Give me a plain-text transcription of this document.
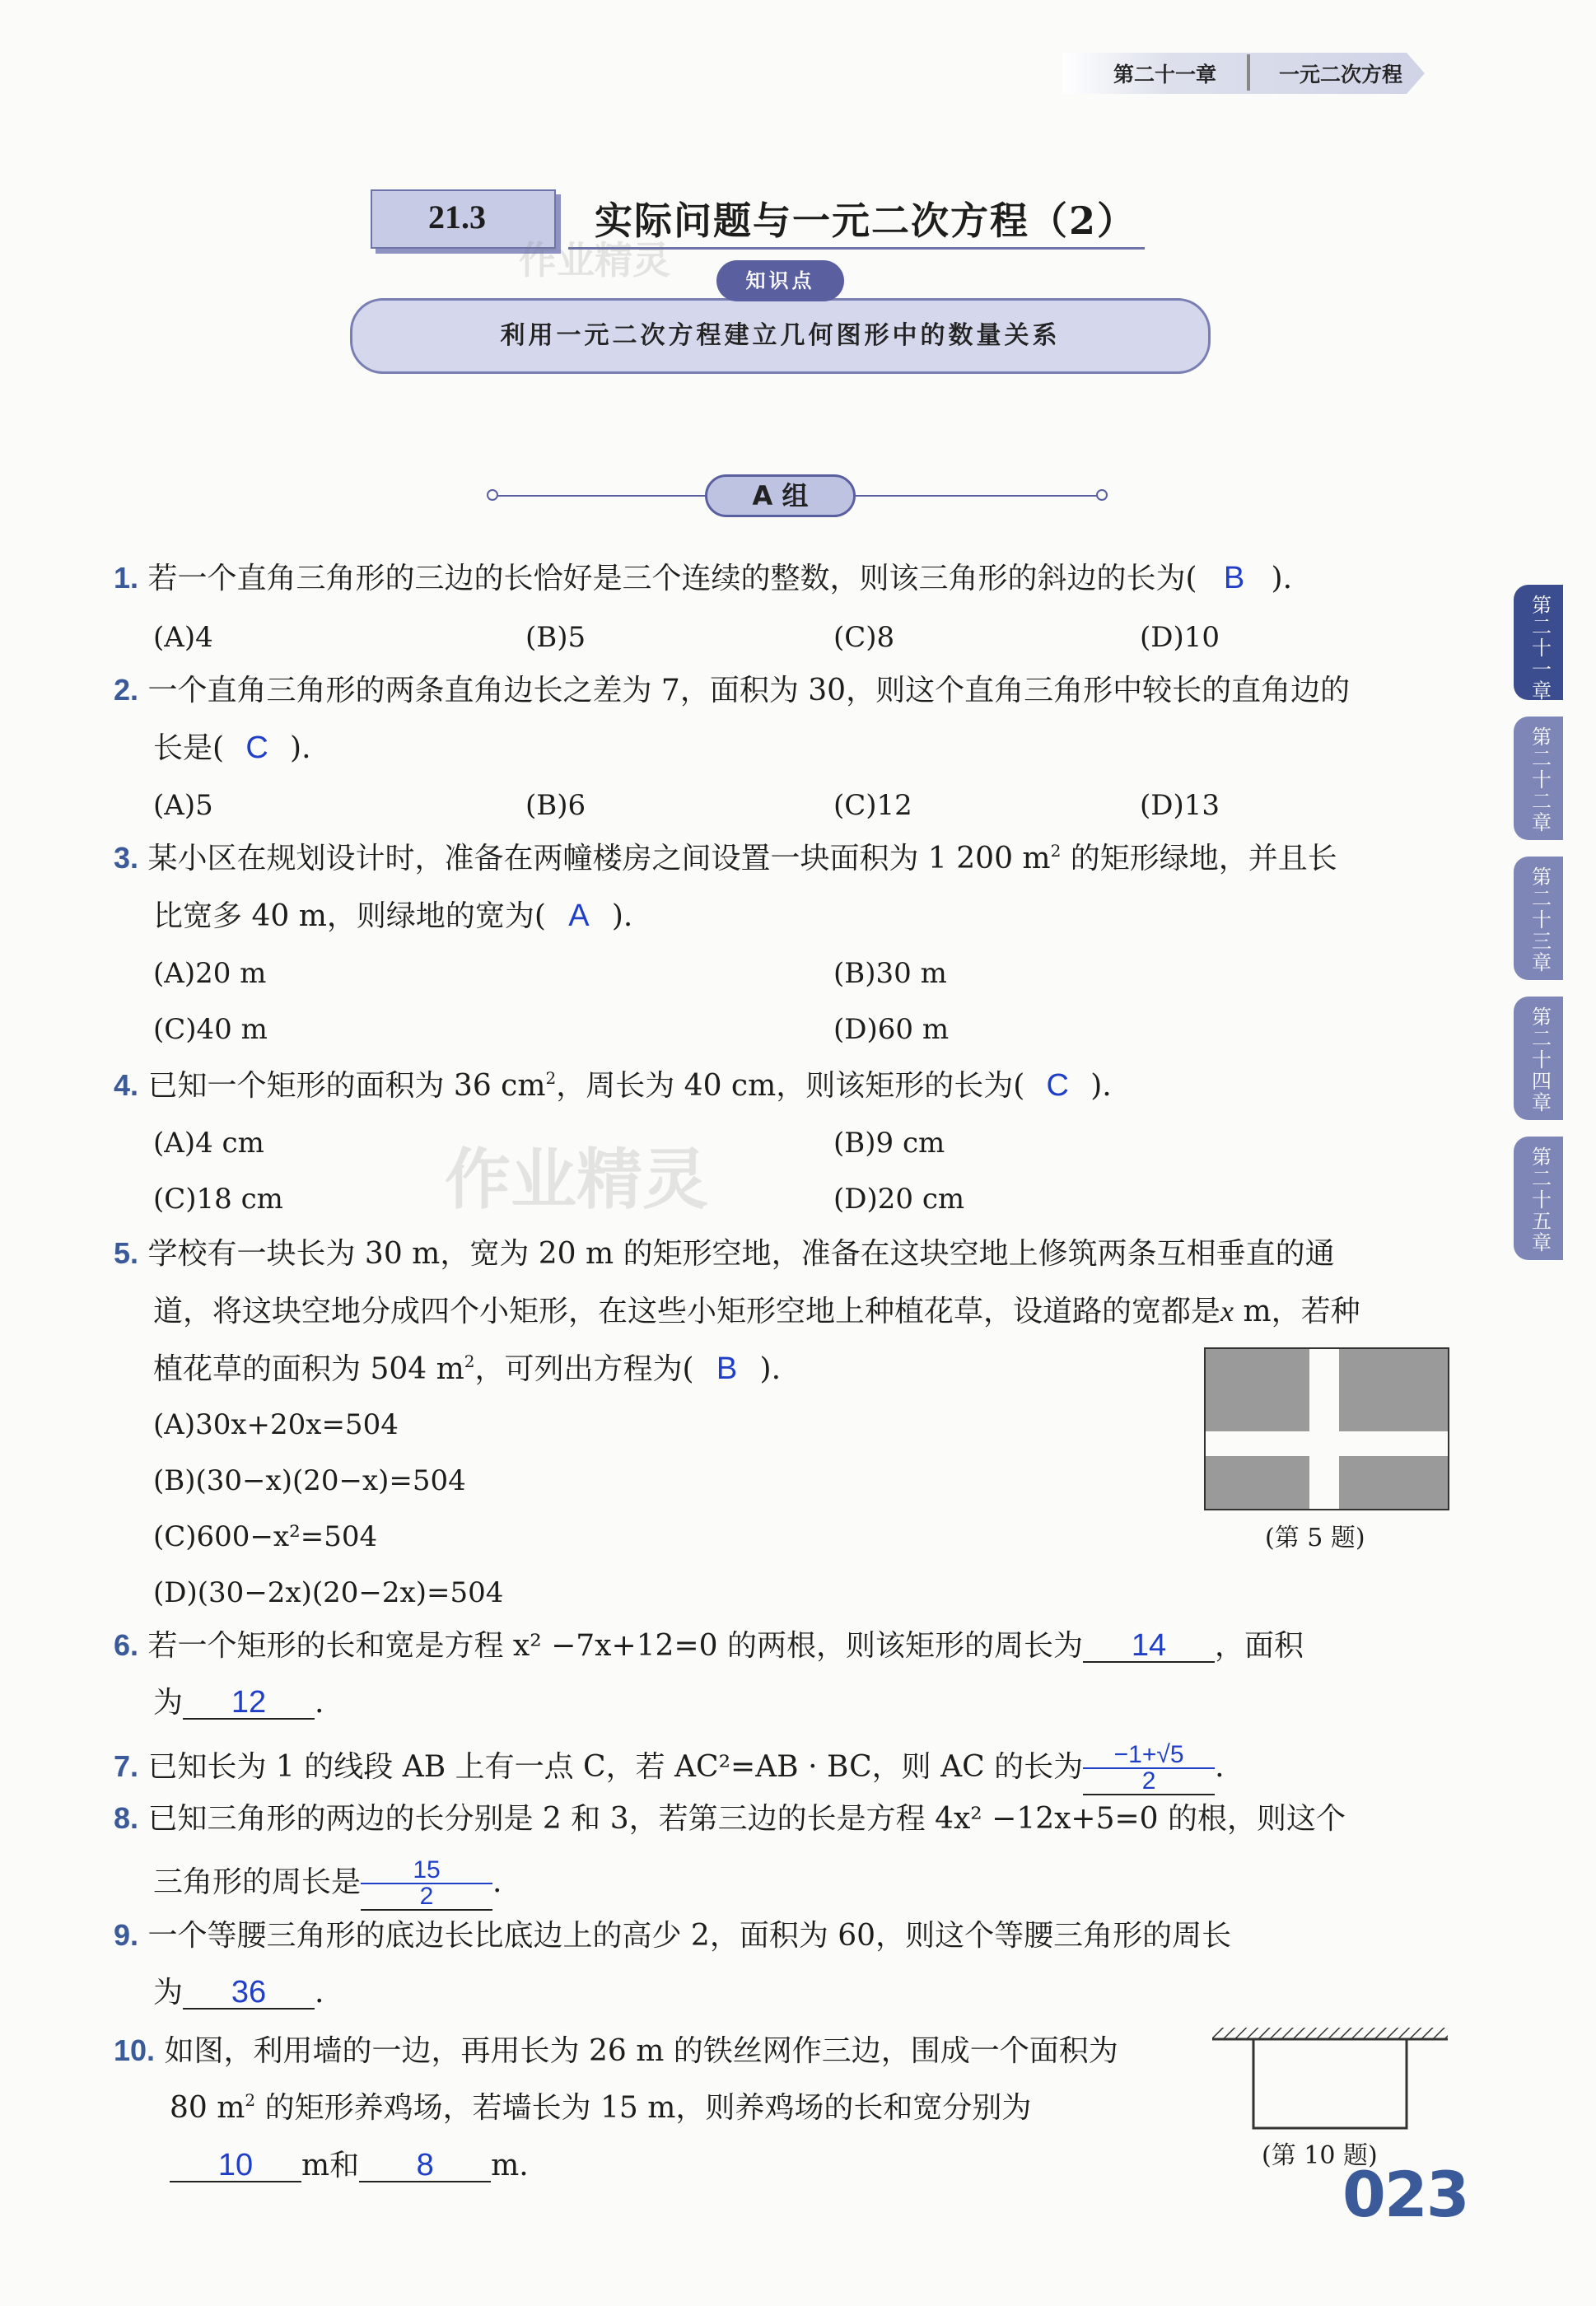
第二十一章	一元二次方程
21.3	实际问题与一元二次方程（2）
作业精灵	知识点
利用一元二次方程建立几何图形中的数量关系
A 组
1. 若一个直角三角形的三边的长恰好是三个连续的整数，则该三角形的斜边的长为( B ).
(A)4	(B)5	(C)8	(D)10
2. 一个直角三角形的两条直角边长之差为 7，面积为 30，则这个直角三角形中较长的直角边的
长是( C ).
(A)5	(B)6	(C)12	(D)13
3. 某小区在规划设计时，准备在两幢楼房之间设置一块面积为 1 200 $m^2$ 的矩形绿地，并且长
比宽多 40 m，则绿地的宽为( A ).
(A)20 m	(B)30 m
(C)40 m	(D)60 m
4. 已知一个矩形的面积为 36 $cm^2$，周长为 40 cm，则该矩形的长为( C ).
(A)4 cm	(B)9 cm
(C)18 cm	(D)20 cm
作业精灵
5. 学校有一块长为 30 m，宽为 20 m 的矩形空地，准备在这块空地上修筑两条互相垂直的通
道，将这块空地分成四个小矩形，在这些小矩形空地上种植花草，设道路的宽都是x m，若种
植花草的面积为 504 $m^2$，可列出方程为( B ).
(A)30x+20x=504
(B)(30−x)(20−x)=504
(C)600−x²=504
(D)(30−2x)(20−2x)=504
(第 5 题)
6. 若一个矩形的长和宽是方程 x² −7x+12=0 的两根，则该矩形的周长为 14 ，面积
为 12 .
7. 已知长为 1 的线段 AB 上有一点 C，若 AC²=AB · BC，则 AC 的长为 $\frac{-1+√5}{2}$ .
8. 已知三角形的两边的长分别是 2 和 3，若第三边的长是方程 4x² −12x+5=0 的根，则这个
三角形的周长是 $\frac{15}{2}$ .
9. 一个等腰三角形的底边长比底边上的高少 2，面积为 60，则这个等腰三角形的周长
为 36 .
10. 如图，利用墙的一边，再用长为 26 m 的铁丝网作三边，围成一个面积为
80 $m^2$ 的矩形养鸡场，若墙长为 15 m，则养鸡场的长和宽分别为
10 m和 8 m.	(第 10 题)
第二十一章
第二十二章
第二十三章
第二十四章
第二十五章
023
